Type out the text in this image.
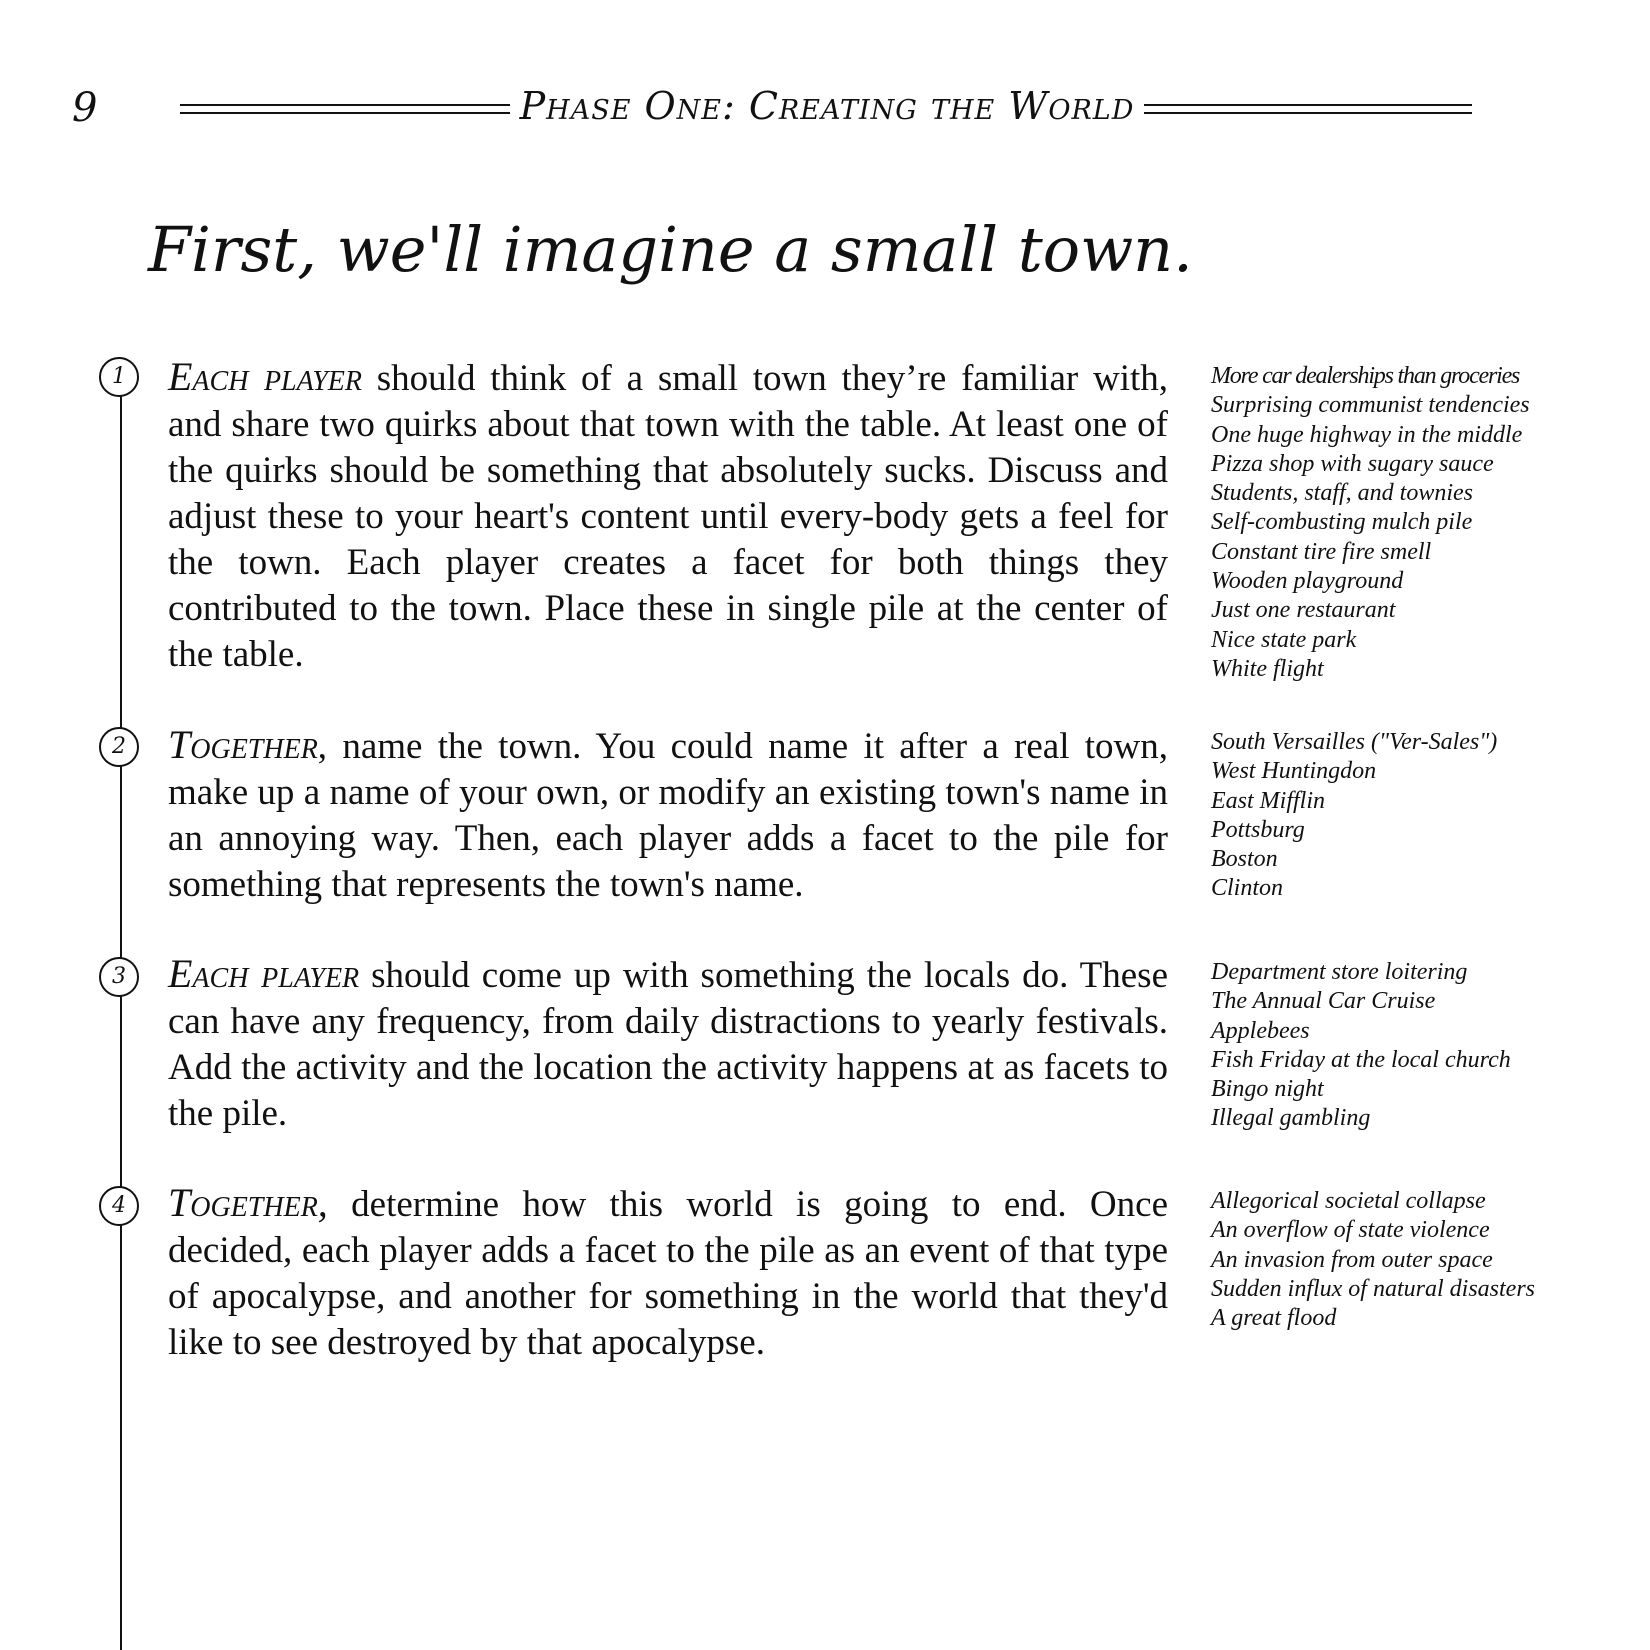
9	Phase One: Creating the World
First, we'll imagine a small town.
1	Each player should think of a small town they’re familiar with, and share two quirks about that town with the table. At least one of the quirks should be something that absolutely sucks. Discuss and adjust these to your heart's content until every-body gets a feel for the town. Each player creates a facet for both things they contributed to the town. Place these in single pile at the center of the table.

More car dealerships than groceries
Surprising communist tendencies
One huge highway in the middle
Pizza shop with sugary sauce
Students, staff, and townies
Self-combusting mulch pile
Constant tire fire smell
Wooden playground
Just one restaurant
Nice state park
White flight
2	Together, name the town. You could name it after a real town, make up a name of your own, or modify an existing town's name in an annoying way. Then, each player adds a facet to the pile for something that represents the town's name.

South Versailles ("Ver-Sales")
West Huntingdon
East Mifflin
Pottsburg
Boston
Clinton
3	Each player should come up with something the locals do. These can have any frequency, from daily distractions to yearly festivals. Add the activity and the location the activity happens at as facets to the pile.

Department store loitering
The Annual Car Cruise
Applebees
Fish Friday at the local church
Bingo night
Illegal gambling
4	Together, determine how this world is going to end. Once decided, each player adds a facet to the pile as an event of that type of apocalypse, and another for something in the world that they'd like to see destroyed by that apocalypse.

Allegorical societal collapse
An overflow of state violence
An invasion from outer space
Sudden influx of natural disasters
A great flood
